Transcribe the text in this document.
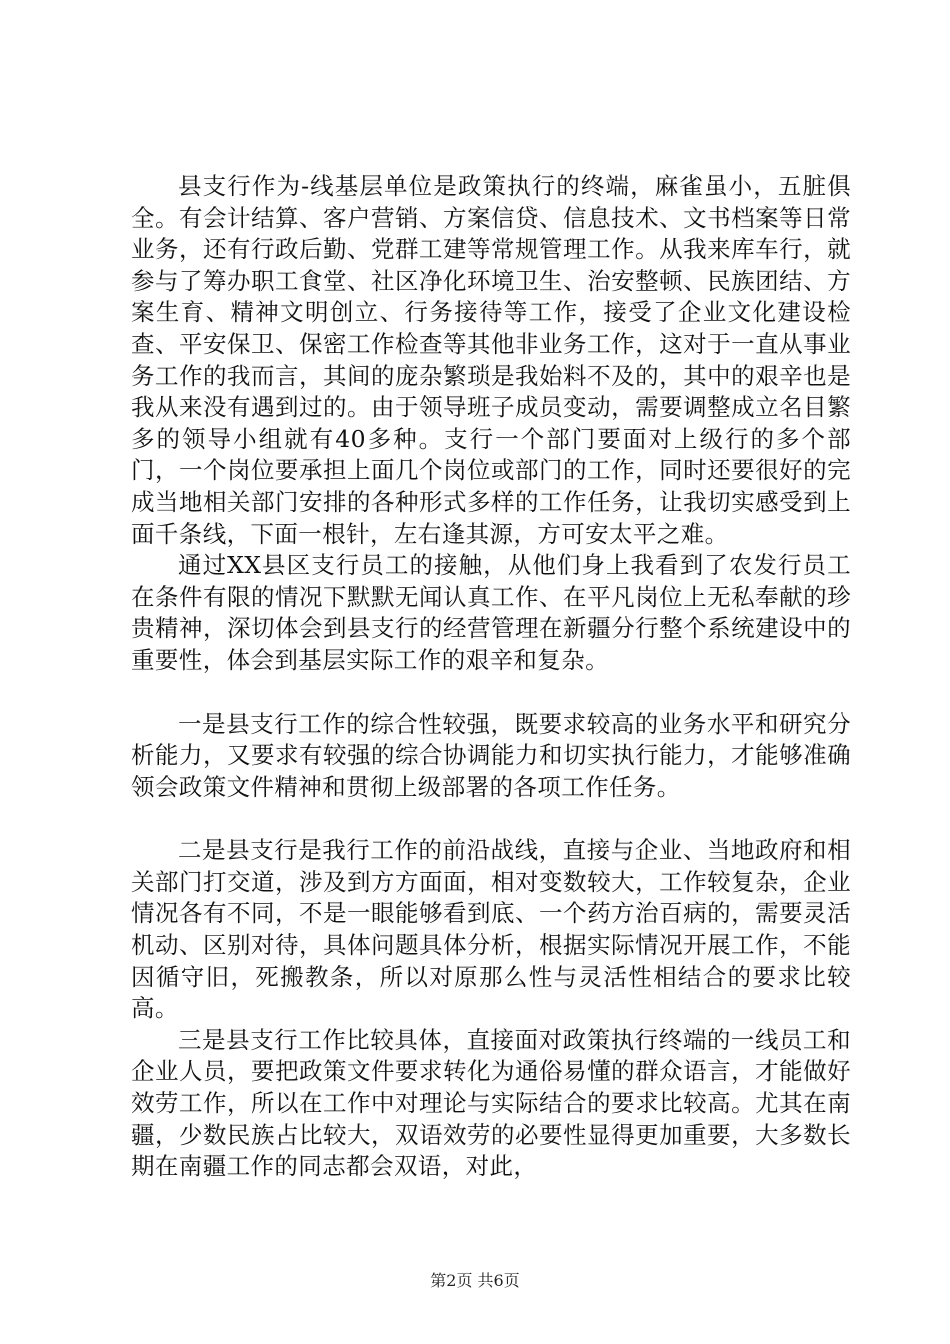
县支行作为-线基层单位是政策执行的终端，麻雀虽小，五脏俱全。有会计结算、客户营销、方案信贷、信息技术、文书档案等日常业务，还有行政后勤、党群工建等常规管理工作。从我来库车行，就参与了筹办职工食堂、社区净化环境卫生、治安整顿、民族团结、方案生育、精神文明创立、行务接待等工作，接受了企业文化建设检查、平安保卫、保密工作检查等其他非业务工作，这对于一直从事业务工作的我而言，其间的庞杂繁琐是我始料不及的，其中的艰辛也是我从来没有遇到过的。由于领导班子成员变动，需要调整成立名目繁多的领导小组就有40多种。支行一个部门要面对上级行的多个部门，一个岗位要承担上面几个岗位或部门的工作，同时还要很好的完成当地相关部门安排的各种形式多样的工作任务，让我切实感受到上面千条线，下面一根针，左右逢其源，方可安太平之难。

通过XX县区支行员工的接触，从他们身上我看到了农发行员工在条件有限的情况下默默无闻认真工作、在平凡岗位上无私奉献的珍贵精神，深切体会到县支行的经营管理在新疆分行整个系统建设中的重要性，体会到基层实际工作的艰辛和复杂。

一是县支行工作的综合性较强，既要求较高的业务水平和研究分析能力，又要求有较强的综合协调能力和切实执行能力，才能够准确领会政策文件精神和贯彻上级部署的各项工作任务。

二是县支行是我行工作的前沿战线，直接与企业、当地政府和相关部门打交道，涉及到方方面面，相对变数较大，工作较复杂，企业情况各有不同，不是一眼能够看到底、一个药方治百病的，需要灵活机动、区别对待，具体问题具体分析，根据实际情况开展工作，不能因循守旧，死搬教条，所以对原那么性与灵活性相结合的要求比较高。

三是县支行工作比较具体，直接面对政策执行终端的一线员工和企业人员，要把政策文件要求转化为通俗易懂的群众语言，才能做好效劳工作，所以在工作中对理论与实际结合的要求比较高。尤其在南疆，少数民族占比较大，双语效劳的必要性显得更加重要，大多数长期在南疆工作的同志都会双语，对此，

第2页 共6页
